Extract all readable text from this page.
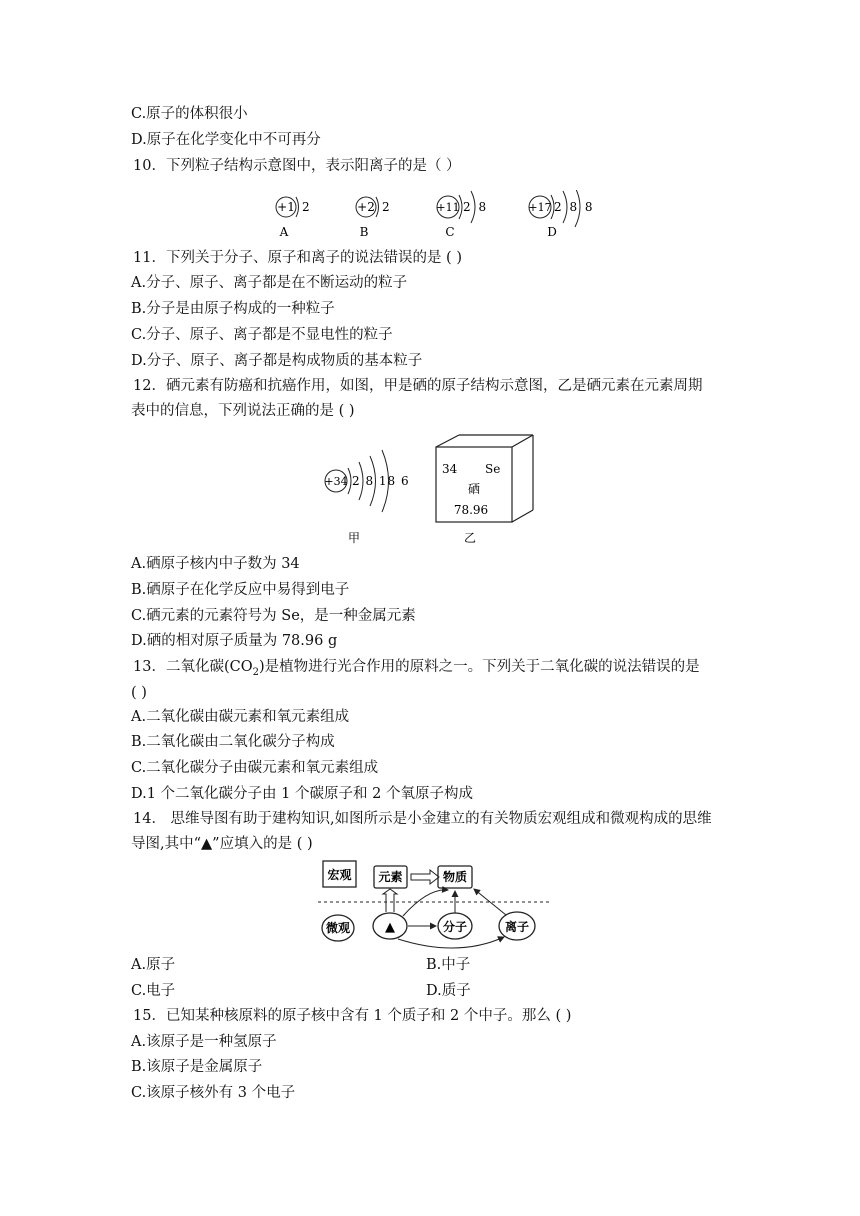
C.原子的体积很小
D.原子在化学变化中不可再分
10．下列粒子结构示意图中，表示阳离子的是（ ）
+1 2	+2 2	+11 2 8	+17 2 8 8
A	B	C	D
11．下列关于分子、原子和离子的说法错误的是 ( )
A.分子、原子、离子都是在不断运动的粒子
B.分子是由原子构成的一种粒子
C.分子、原子、离子都是不显电性的粒子
D.分子、原子、离子都是构成物质的基本粒子
12．硒元素有防癌和抗癌作用，如图，甲是硒的原子结构示意图，乙是硒元素在元素周期
表中的信息，下列说法正确的是 ( )
+34 2 8 18 6
甲
34 Se
硒
78.96
乙
A.硒原子核内中子数为 34
B.硒原子在化学反应中易得到电子
C.硒元素的元素符号为 Se，是一种金属元素
D.硒的相对原子质量为 78.96 g
13．二氧化碳$(CO_2)$是植物进行光合作用的原料之一。下列关于二氧化碳的说法错误的是
( )
A.二氧化碳由碳元素和氧元素组成
B.二氧化碳由二氧化碳分子构成
C.二氧化碳分子由碳元素和氧元素组成
D.1 个二氧化碳分子由 1 个碳原子和 2 个氧原子构成
14． 思维导图有助于建构知识,如图所示是小金建立的有关物质宏观组成和微观构成的思维
导图,其中“▲”应填入的是 ( )
宏观 元素	物质
微观	▲	分子	离子
A.原子	B.中子
C.电子	D.质子
15．已知某种核原料的原子核中含有 1 个质子和 2 个中子。那么 ( )
A.该原子是一种氢原子
B.该原子是金属原子
C.该原子核外有 3 个电子
